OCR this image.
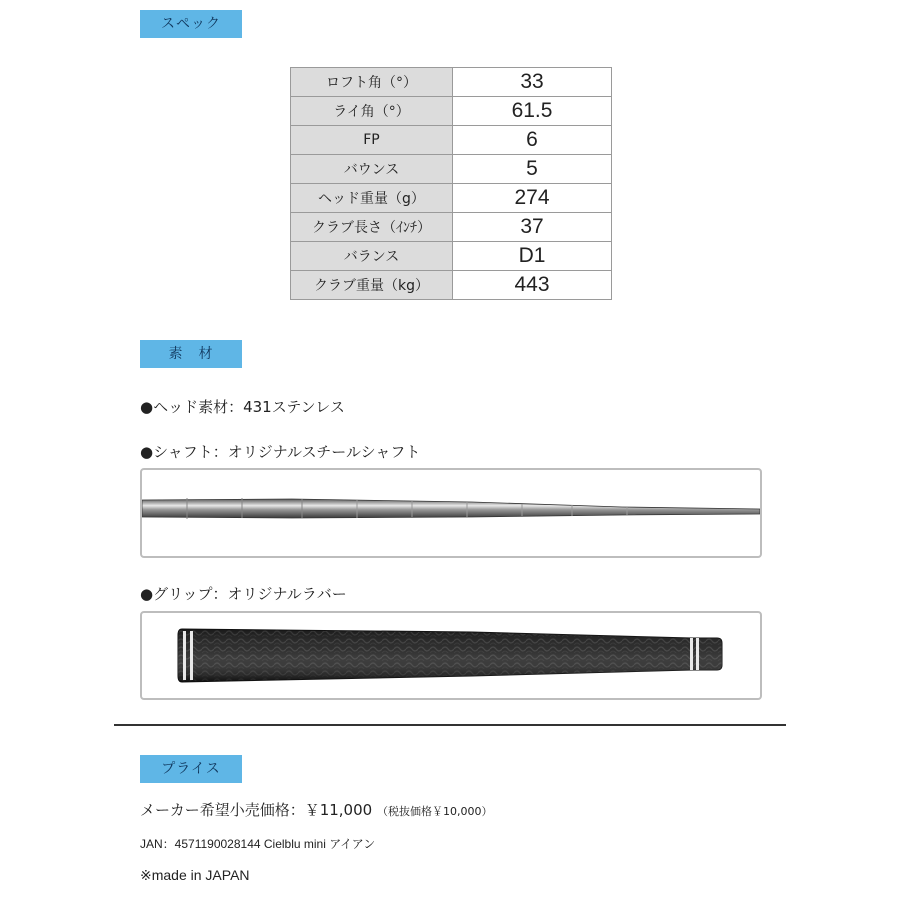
スペック
ロフト角（°）	33
ライ角（°）	61.5
FP	6
バウンス	5
ヘッド重量（g）	274
クラブ長さ（ｲﾝﾁ）	37
バランス	D1
クラブ重量（kg）	443
素　材
●ヘッド素材：431ステンレス
●シャフト：オリジナルスチールシャフト
●グリップ：オリジナルラバー
プライス
メーカー希望小売価格：￥11,000 （税抜価格￥10,000）
JAN：4571190028144 Cielblu mini アイアン
※made in JAPAN
